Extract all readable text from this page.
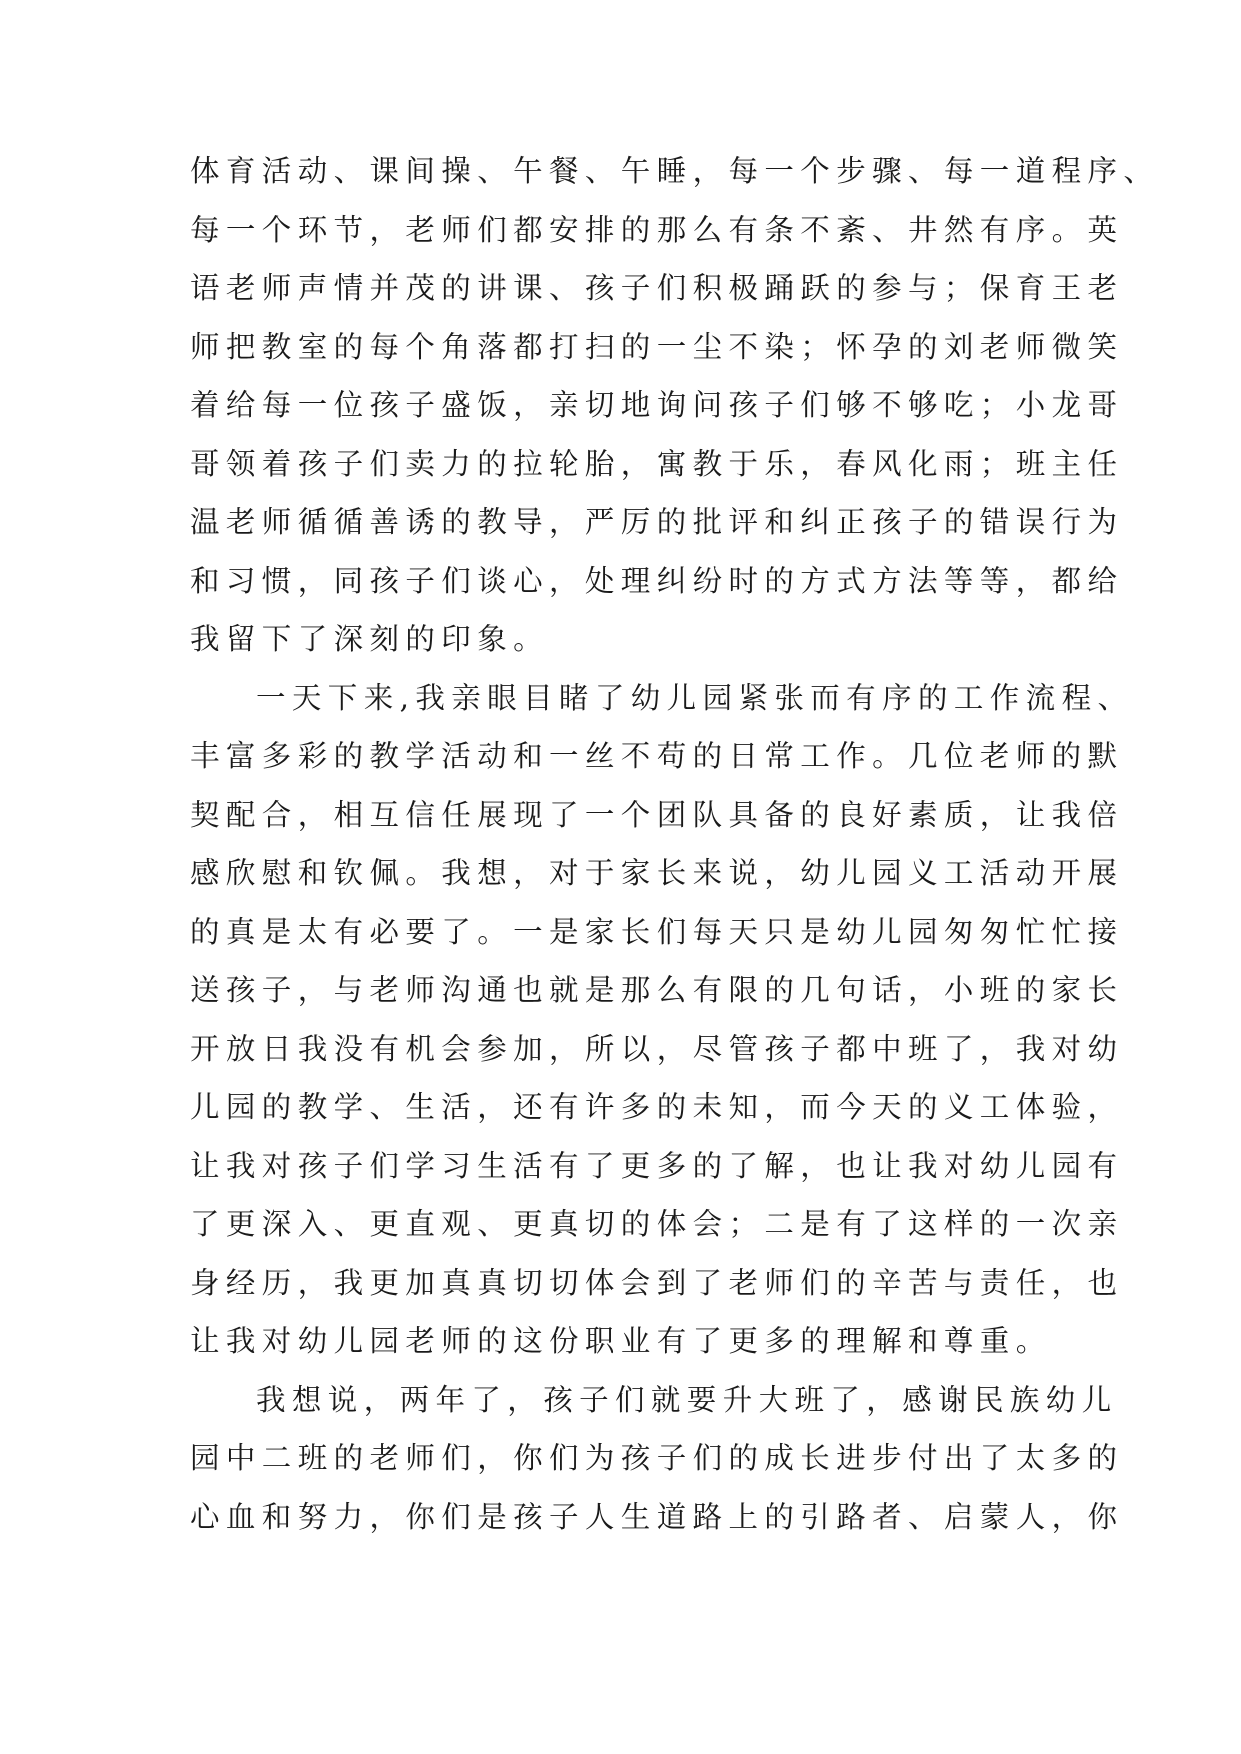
体育活动、课间操、午餐、午睡，每一个步骤、每一道程序、
每一个环节，老师们都安排的那么有条不紊、井然有序。英
语老师声情并茂的讲课、孩子们积极踊跃的参与；保育王老
师把教室的每个角落都打扫的一尘不染；怀孕的刘老师微笑
着给每一位孩子盛饭，亲切地询问孩子们够不够吃；小龙哥
哥领着孩子们卖力的拉轮胎，寓教于乐，春风化雨；班主任
温老师循循善诱的教导，严厉的批评和纠正孩子的错误行为
和习惯，同孩子们谈心，处理纠纷时的方式方法等等，都给
我留下了深刻的印象。
一天下来,我亲眼目睹了幼儿园紧张而有序的工作流程、
丰富多彩的教学活动和一丝不苟的日常工作。几位老师的默
契配合，相互信任展现了一个团队具备的良好素质，让我倍
感欣慰和钦佩。我想，对于家长来说，幼儿园义工活动开展
的真是太有必要了。一是家长们每天只是幼儿园匆匆忙忙接
送孩子，与老师沟通也就是那么有限的几句话，小班的家长
开放日我没有机会参加，所以，尽管孩子都中班了，我对幼
儿园的教学、生活，还有许多的未知，而今天的义工体验，
让我对孩子们学习生活有了更多的了解，也让我对幼儿园有
了更深入、更直观、更真切的体会；二是有了这样的一次亲
身经历，我更加真真切切体会到了老师们的辛苦与责任，也
让我对幼儿园老师的这份职业有了更多的理解和尊重。
我想说，两年了，孩子们就要升大班了，感谢民族幼儿
园中二班的老师们，你们为孩子们的成长进步付出了太多的
心血和努力，你们是孩子人生道路上的引路者、启蒙人，你
